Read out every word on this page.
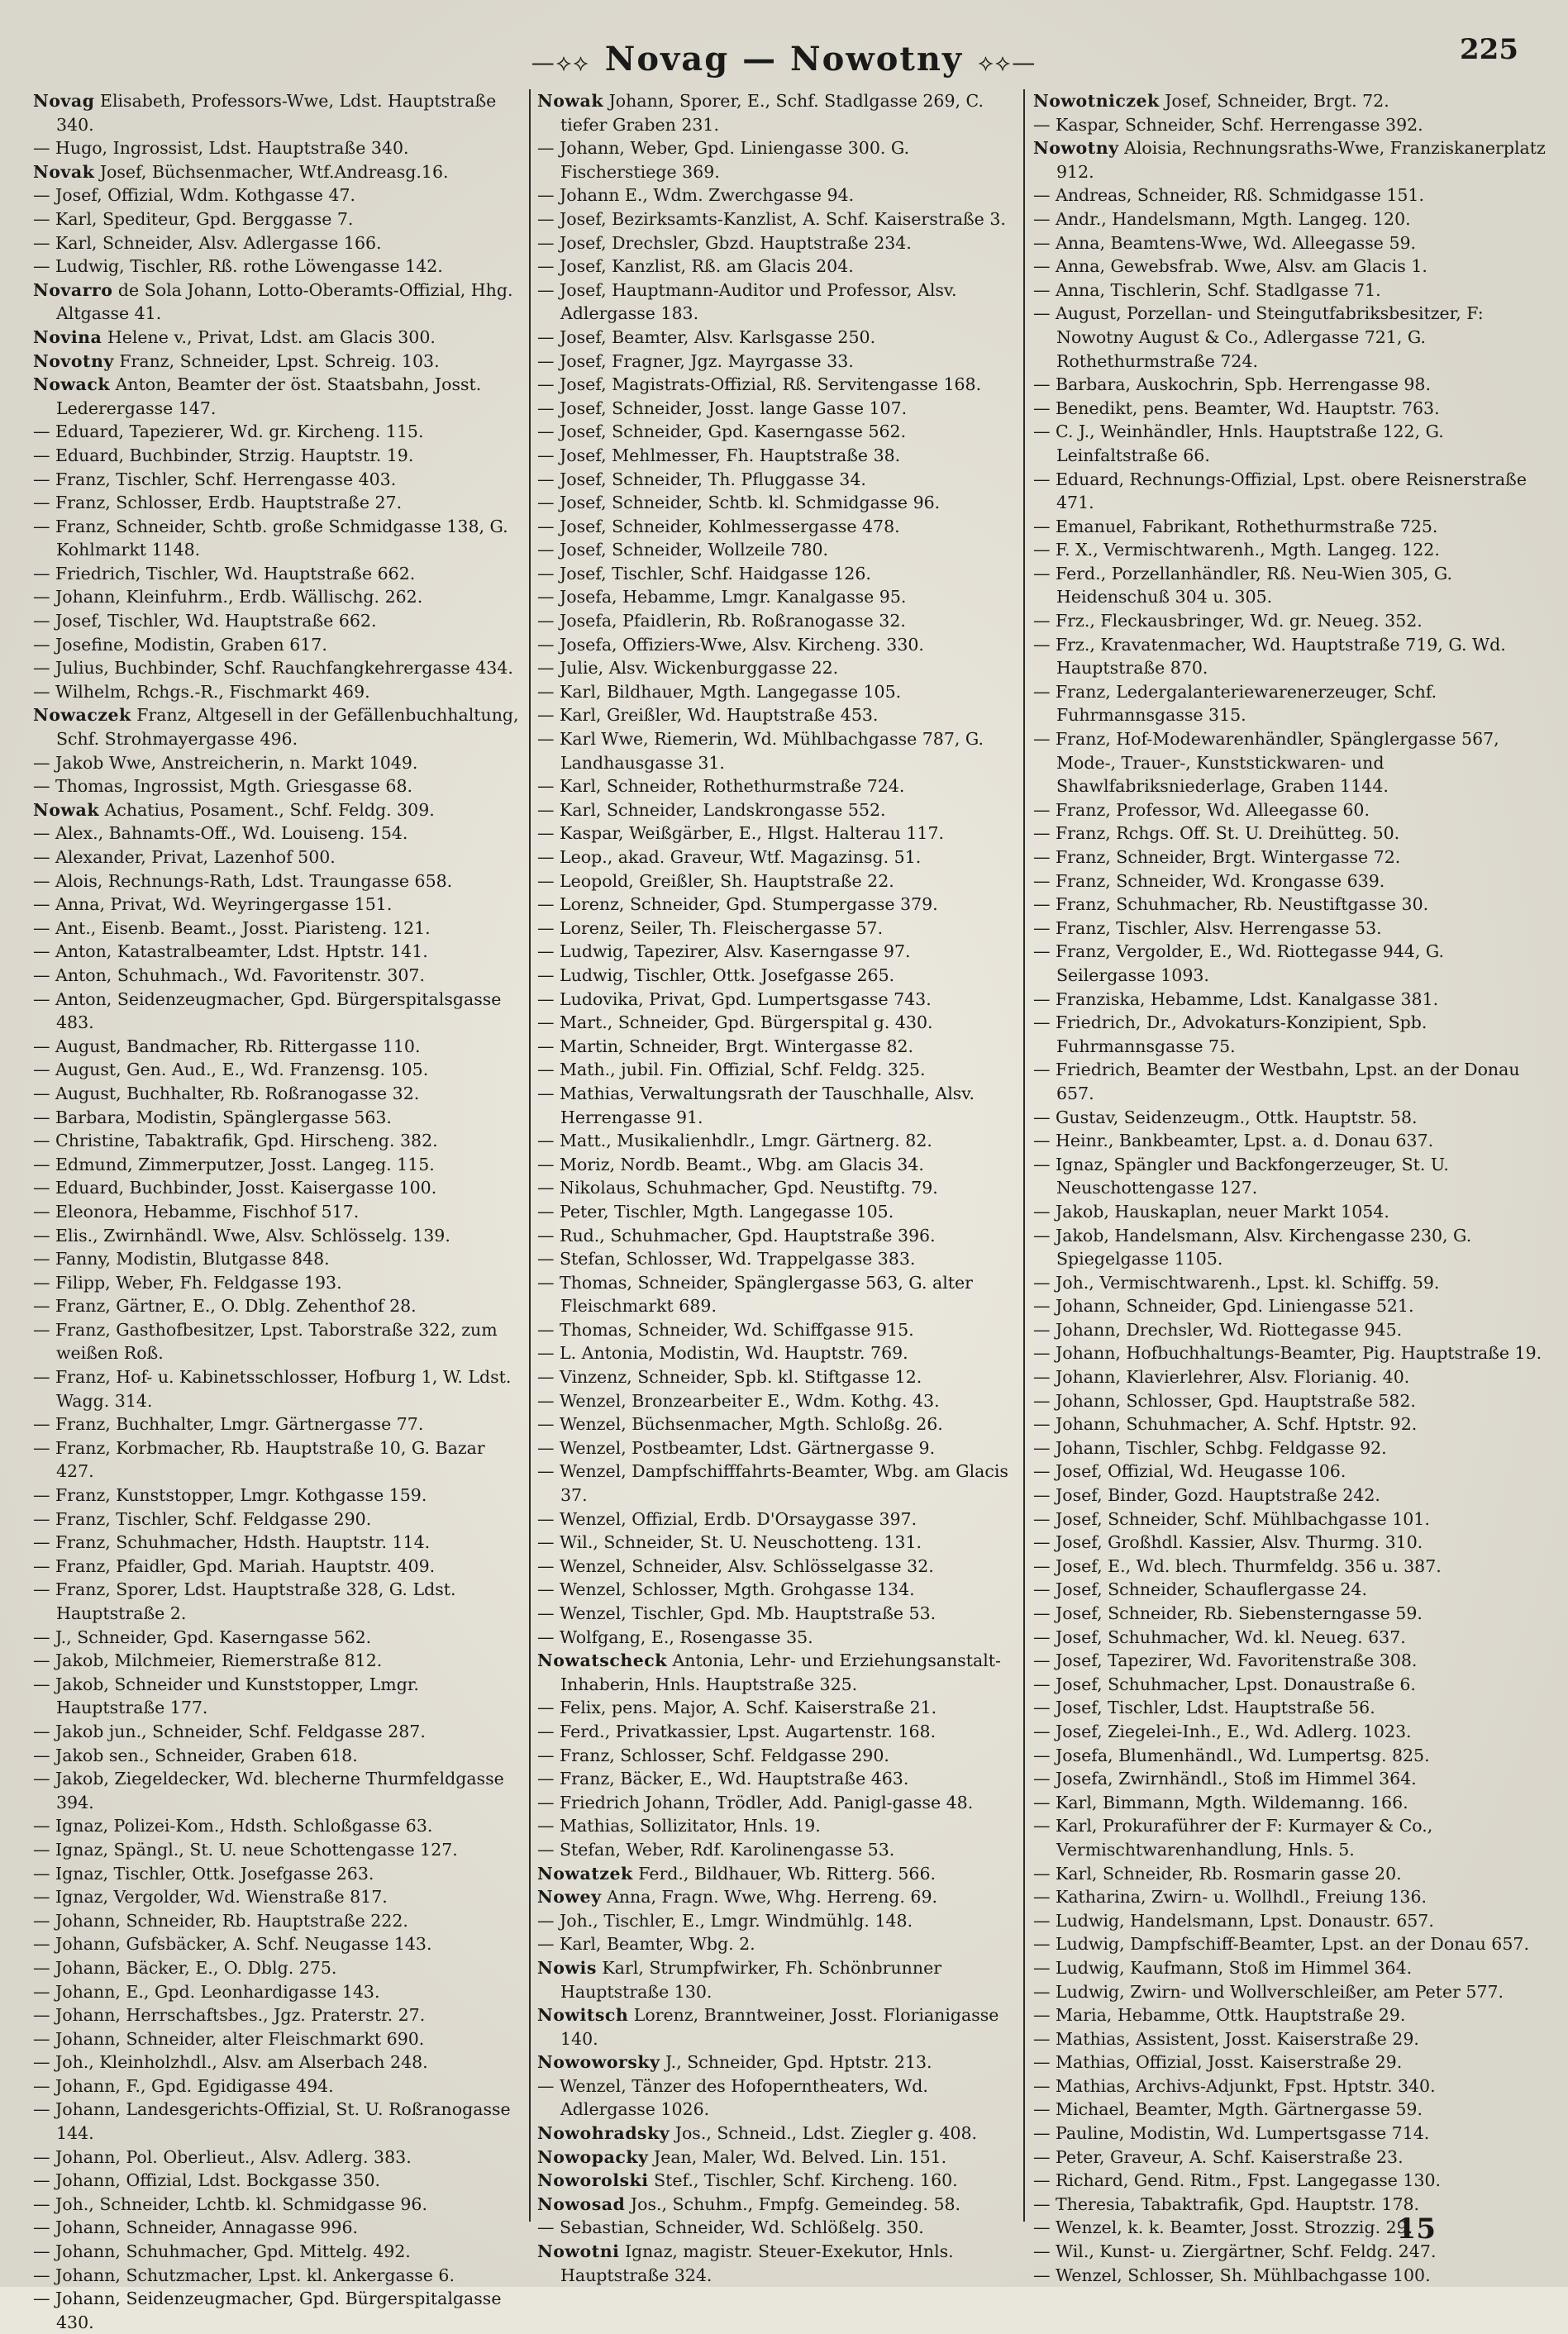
—⟡⟡ Novag — Nowotny ⟡⟡—	225

Novag Elisabeth, Professors-Wwe, Ldst. Hauptstraße 340.

— Hugo, Ingrossist, Ldst. Hauptstraße 340.

Novak Josef, Büchsenmacher, Wtf.Andreasg.16.

— Josef, Offizial, Wdm. Kothgasse 47.

— Karl, Spediteur, Gpd. Berggasse 7.

— Karl, Schneider, Alsv. Adlergasse 166.

— Ludwig, Tischler, Rß. rothe Löwengasse 142.

Novarro de Sola Johann, Lotto-Oberamts-Offizial, Hhg. Altgasse 41.

Novina Helene v., Privat, Ldst. am Glacis 300.

Novotny Franz, Schneider, Lpst. Schreig. 103.

Nowack Anton, Beamter der öst. Staatsbahn, Josst. Lederergasse 147.

— Eduard, Tapezierer, Wd. gr. Kircheng. 115.

— Eduard, Buchbinder, Strzig. Hauptstr. 19.

— Franz, Tischler, Schf. Herrengasse 403.

— Franz, Schlosser, Erdb. Hauptstraße 27.

— Franz, Schneider, Schtb. große Schmidgasse 138, G. Kohlmarkt 1148.

— Friedrich, Tischler, Wd. Hauptstraße 662.

— Johann, Kleinfuhrm., Erdb. Wällischg. 262.

— Josef, Tischler, Wd. Hauptstraße 662.

— Josefine, Modistin, Graben 617.

— Julius, Buchbinder, Schf. Rauchfangkehrergasse 434.

— Wilhelm, Rchgs.-R., Fischmarkt 469.

Nowaczek Franz, Altgesell in der Gefällenbuchhaltung, Schf. Strohmayergasse 496.

— Jakob Wwe, Anstreicherin, n. Markt 1049.

— Thomas, Ingrossist, Mgth. Griesgasse 68.

Nowak Achatius, Posament., Schf. Feldg. 309.

— Alex., Bahnamts-Off., Wd. Louiseng. 154.

— Alexander, Privat, Lazenhof 500.

— Alois, Rechnungs-Rath, Ldst. Traungasse 658.

— Anna, Privat, Wd. Weyringergasse 151.

— Ant., Eisenb. Beamt., Josst. Piaristeng. 121.

— Anton, Katastralbeamter, Ldst. Hptstr. 141.

— Anton, Schuhmach., Wd. Favoritenstr. 307.

— Anton, Seidenzeugmacher, Gpd. Bürgerspitalsgasse 483.

— August, Bandmacher, Rb. Rittergasse 110.

— August, Gen. Aud., E., Wd. Franzensg. 105.

— August, Buchhalter, Rb. Roßranogasse 32.

— Barbara, Modistin, Spänglergasse 563.

— Christine, Tabaktrafik, Gpd. Hirscheng. 382.

— Edmund, Zimmerputzer, Josst. Langeg. 115.

— Eduard, Buchbinder, Josst. Kaisergasse 100.

— Eleonora, Hebamme, Fischhof 517.

— Elis., Zwirnhändl. Wwe, Alsv. Schlösselg. 139.

— Fanny, Modistin, Blutgasse 848.

— Filipp, Weber, Fh. Feldgasse 193.

— Franz, Gärtner, E., O. Dblg. Zehenthof 28.

— Franz, Gasthofbesitzer, Lpst. Taborstraße 322, zum weißen Roß.

— Franz, Hof- u. Kabinetsschlosser, Hofburg 1, W. Ldst. Wagg. 314.

— Franz, Buchhalter, Lmgr. Gärtnergasse 77.

— Franz, Korbmacher, Rb. Hauptstraße 10, G. Bazar 427.

— Franz, Kunststopper, Lmgr. Kothgasse 159.

— Franz, Tischler, Schf. Feldgasse 290.

— Franz, Schuhmacher, Hdsth. Hauptstr. 114.

— Franz, Pfaidler, Gpd. Mariah. Hauptstr. 409.

— Franz, Sporer, Ldst. Hauptstraße 328, G. Ldst. Hauptstraße 2.

— J., Schneider, Gpd. Kaserngasse 562.

— Jakob, Milchmeier, Riemerstraße 812.

— Jakob, Schneider und Kunststopper, Lmgr. Hauptstraße 177.

— Jakob jun., Schneider, Schf. Feldgasse 287.

— Jakob sen., Schneider, Graben 618.

— Jakob, Ziegeldecker, Wd. blecherne Thurmfeldgasse 394.

— Ignaz, Polizei-Kom., Hdsth. Schloßgasse 63.

— Ignaz, Spängl., St. U. neue Schottengasse 127.

— Ignaz, Tischler, Ottk. Josefgasse 263.

— Ignaz, Vergolder, Wd. Wienstraße 817.

— Johann, Schneider, Rb. Hauptstraße 222.

— Johann, Gufsbäcker, A. Schf. Neugasse 143.

— Johann, Bäcker, E., O. Dblg. 275.

— Johann, E., Gpd. Leonhardigasse 143.

— Johann, Herrschaftsbes., Jgz. Praterstr. 27.

— Johann, Schneider, alter Fleischmarkt 690.

— Joh., Kleinholzhdl., Alsv. am Alserbach 248.

— Johann, F., Gpd. Egidigasse 494.

— Johann, Landesgerichts-Offizial, St. U. Roßranogasse 144.

— Johann, Pol. Oberlieut., Alsv. Adlerg. 383.

— Johann, Offizial, Ldst. Bockgasse 350.

— Joh., Schneider, Lchtb. kl. Schmidgasse 96.

— Johann, Schneider, Annagasse 996.

— Johann, Schuhmacher, Gpd. Mittelg. 492.

— Johann, Schutzmacher, Lpst. kl. Ankergasse 6.

— Johann, Seidenzeugmacher, Gpd. Bürgerspitalgasse 430.

Nowak Johann, Sporer, E., Schf. Stadlgasse 269, C. tiefer Graben 231.

— Johann, Weber, Gpd. Liniengasse 300. G. Fischerstiege 369.

— Johann E., Wdm. Zwerchgasse 94.

— Josef, Bezirksamts-Kanzlist, A. Schf. Kaiserstraße 3.

— Josef, Drechsler, Gbzd. Hauptstraße 234.

— Josef, Kanzlist, Rß. am Glacis 204.

— Josef, Hauptmann-Auditor und Professor, Alsv. Adlergasse 183.

— Josef, Beamter, Alsv. Karlsgasse 250.

— Josef, Fragner, Jgz. Mayrgasse 33.

— Josef, Magistrats-Offizial, Rß. Servitengasse 168.

— Josef, Schneider, Josst. lange Gasse 107.

— Josef, Schneider, Gpd. Kaserngasse 562.

— Josef, Mehlmesser, Fh. Hauptstraße 38.

— Josef, Schneider, Th. Pfluggasse 34.

— Josef, Schneider, Schtb. kl. Schmidgasse 96.

— Josef, Schneider, Kohlmessergasse 478.

— Josef, Schneider, Wollzeile 780.

— Josef, Tischler, Schf. Haidgasse 126.

— Josefa, Hebamme, Lmgr. Kanalgasse 95.

— Josefa, Pfaidlerin, Rb. Roßranogasse 32.

— Josefa, Offiziers-Wwe, Alsv. Kircheng. 330.

— Julie, Alsv. Wickenburggasse 22.

— Karl, Bildhauer, Mgth. Langegasse 105.

— Karl, Greißler, Wd. Hauptstraße 453.

— Karl Wwe, Riemerin, Wd. Mühlbachgasse 787, G. Landhausgasse 31.

— Karl, Schneider, Rothethurmstraße 724.

— Karl, Schneider, Landskrongasse 552.

— Kaspar, Weißgärber, E., Hlgst. Halterau 117.

— Leop., akad. Graveur, Wtf. Magazinsg. 51.

— Leopold, Greißler, Sh. Hauptstraße 22.

— Lorenz, Schneider, Gpd. Stumpergasse 379.

— Lorenz, Seiler, Th. Fleischergasse 57.

— Ludwig, Tapezirer, Alsv. Kaserngasse 97.

— Ludwig, Tischler, Ottk. Josefgasse 265.

— Ludovika, Privat, Gpd. Lumpertsgasse 743.

— Mart., Schneider, Gpd. Bürgerspital g. 430.

— Martin, Schneider, Brgt. Wintergasse 82.

— Math., jubil. Fin. Offizial, Schf. Feldg. 325.

— Mathias, Verwaltungsrath der Tauschhalle, Alsv. Herrengasse 91.

— Matt., Musikalienhdlr., Lmgr. Gärtnerg. 82.

— Moriz, Nordb. Beamt., Wbg. am Glacis 34.

— Nikolaus, Schuhmacher, Gpd. Neustiftg. 79.

— Peter, Tischler, Mgth. Langegasse 105.

— Rud., Schuhmacher, Gpd. Hauptstraße 396.

— Stefan, Schlosser, Wd. Trappelgasse 383.

— Thomas, Schneider, Spänglergasse 563, G. alter Fleischmarkt 689.

— Thomas, Schneider, Wd. Schiffgasse 915.

— L. Antonia, Modistin, Wd. Hauptstr. 769.

— Vinzenz, Schneider, Spb. kl. Stiftgasse 12.

— Wenzel, Bronzearbeiter E., Wdm. Kothg. 43.

— Wenzel, Büchsenmacher, Mgth. Schloßg. 26.

— Wenzel, Postbeamter, Ldst. Gärtnergasse 9.

— Wenzel, Dampfschifffahrts-Beamter, Wbg. am Glacis 37.

— Wenzel, Offizial, Erdb. D'Orsaygasse 397.

— Wil., Schneider, St. U. Neuschotteng. 131.

— Wenzel, Schneider, Alsv. Schlösselgasse 32.

— Wenzel, Schlosser, Mgth. Grohgasse 134.

— Wenzel, Tischler, Gpd. Mb. Hauptstraße 53.

— Wolfgang, E., Rosengasse 35.

Nowatscheck Antonia, Lehr- und Erziehungsanstalt-Inhaberin, Hnls. Hauptstraße 325.

— Felix, pens. Major, A. Schf. Kaiserstraße 21.

— Ferd., Privatkassier, Lpst. Augartenstr. 168.

— Franz, Schlosser, Schf. Feldgasse 290.

— Franz, Bäcker, E., Wd. Hauptstraße 463.

— Friedrich Johann, Trödler, Add. Panigl-gasse 48.

— Mathias, Sollizitator, Hnls. 19.

— Stefan, Weber, Rdf. Karolinengasse 53.

Nowatzek Ferd., Bildhauer, Wb. Ritterg. 566.

Nowey Anna, Fragn. Wwe, Whg. Herreng. 69.

— Joh., Tischler, E., Lmgr. Windmühlg. 148.

— Karl, Beamter, Wbg. 2.

Nowis Karl, Strumpfwirker, Fh. Schönbrunner Hauptstraße 130.

Nowitsch Lorenz, Branntweiner, Josst. Florianigasse 140.

Nowoworsky J., Schneider, Gpd. Hptstr. 213.

— Wenzel, Tänzer des Hofoperntheaters, Wd. Adlergasse 1026.

Nowohradsky Jos., Schneid., Ldst. Ziegler g. 408.

Nowopacky Jean, Maler, Wd. Belved. Lin. 151.

Noworolski Stef., Tischler, Schf. Kircheng. 160.

Nowosad Jos., Schuhm., Fmpfg. Gemeindeg. 58.

— Sebastian, Schneider, Wd. Schlößelg. 350.

Nowotni Ignaz, magistr. Steuer-Exekutor, Hnls. Hauptstraße 324.

Nowotniczek Josef, Schneider, Brgt. 72.

— Kaspar, Schneider, Schf. Herrengasse 392.

Nowotny Aloisia, Rechnungsraths-Wwe, Franziskanerplatz 912.

— Andreas, Schneider, Rß. Schmidgasse 151.

— Andr., Handelsmann, Mgth. Langeg. 120.

— Anna, Beamtens-Wwe, Wd. Alleegasse 59.

— Anna, Gewebsfrab. Wwe, Alsv. am Glacis 1.

— Anna, Tischlerin, Schf. Stadlgasse 71.

— August, Porzellan- und Steingutfabriksbesitzer, F: Nowotny August & Co., Adlergasse 721, G. Rothethurmstraße 724.

— Barbara, Auskochrin, Spb. Herrengasse 98.

— Benedikt, pens. Beamter, Wd. Hauptstr. 763.

— C. J., Weinhändler, Hnls. Hauptstraße 122, G. Leinfaltstraße 66.

— Eduard, Rechnungs-Offizial, Lpst. obere Reisnerstraße 471.

— Emanuel, Fabrikant, Rothethurmstraße 725.

— F. X., Vermischtwarenh., Mgth. Langeg. 122.

— Ferd., Porzellanhändler, Rß. Neu-Wien 305, G. Heidenschuß 304 u. 305.

— Frz., Fleckausbringer, Wd. gr. Neueg. 352.

— Frz., Kravatenmacher, Wd. Hauptstraße 719, G. Wd. Hauptstraße 870.

— Franz, Ledergalanteriewarenerzeuger, Schf. Fuhrmannsgasse 315.

— Franz, Hof-Modewarenhändler, Spänglergasse 567, Mode-, Trauer-, Kunststickwaren- und Shawlfabriksniederlage, Graben 1144.

— Franz, Professor, Wd. Alleegasse 60.

— Franz, Rchgs. Off. St. U. Dreihütteg. 50.

— Franz, Schneider, Brgt. Wintergasse 72.

— Franz, Schneider, Wd. Krongasse 639.

— Franz, Schuhmacher, Rb. Neustiftgasse 30.

— Franz, Tischler, Alsv. Herrengasse 53.

— Franz, Vergolder, E., Wd. Riottegasse 944, G. Seilergasse 1093.

— Franziska, Hebamme, Ldst. Kanalgasse 381.

— Friedrich, Dr., Advokaturs-Konzipient, Spb. Fuhrmannsgasse 75.

— Friedrich, Beamter der Westbahn, Lpst. an der Donau 657.

— Gustav, Seidenzeugm., Ottk. Hauptstr. 58.

— Heinr., Bankbeamter, Lpst. a. d. Donau 637.

— Ignaz, Spängler und Backfongerzeuger, St. U. Neuschottengasse 127.

— Jakob, Hauskaplan, neuer Markt 1054.

— Jakob, Handelsmann, Alsv. Kirchengasse 230, G. Spiegelgasse 1105.

— Joh., Vermischtwarenh., Lpst. kl. Schiffg. 59.

— Johann, Schneider, Gpd. Liniengasse 521.

— Johann, Drechsler, Wd. Riottegasse 945.

— Johann, Hofbuchhaltungs-Beamter, Pig. Hauptstraße 19.

— Johann, Klavierlehrer, Alsv. Florianig. 40.

— Johann, Schlosser, Gpd. Hauptstraße 582.

— Johann, Schuhmacher, A. Schf. Hptstr. 92.

— Johann, Tischler, Schbg. Feldgasse 92.

— Josef, Offizial, Wd. Heugasse 106.

— Josef, Binder, Gozd. Hauptstraße 242.

— Josef, Schneider, Schf. Mühlbachgasse 101.

— Josef, Großhdl. Kassier, Alsv. Thurmg. 310.

— Josef, E., Wd. blech. Thurmfeldg. 356 u. 387.

— Josef, Schneider, Schauflergasse 24.

— Josef, Schneider, Rb. Siebensterngasse 59.

— Josef, Schuhmacher, Wd. kl. Neueg. 637.

— Josef, Tapezirer, Wd. Favoritenstraße 308.

— Josef, Schuhmacher, Lpst. Donaustraße 6.

— Josef, Tischler, Ldst. Hauptstraße 56.

— Josef, Ziegelei-Inh., E., Wd. Adlerg. 1023.

— Josefa, Blumenhändl., Wd. Lumpertsg. 825.

— Josefa, Zwirnhändl., Stoß im Himmel 364.

— Karl, Bimmann, Mgth. Wildemanng. 166.

— Karl, Prokuraführer der F: Kurmayer & Co., Vermischtwarenhandlung, Hnls. 5.

— Karl, Schneider, Rb. Rosmarin gasse 20.

— Katharina, Zwirn- u. Wollhdl., Freiung 136.

— Ludwig, Handelsmann, Lpst. Donaustr. 657.

— Ludwig, Dampfschiff-Beamter, Lpst. an der Donau 657.

— Ludwig, Kaufmann, Stoß im Himmel 364.

— Ludwig, Zwirn- und Wollverschleißer, am Peter 577.

— Maria, Hebamme, Ottk. Hauptstraße 29.

— Mathias, Assistent, Josst. Kaiserstraße 29.

— Mathias, Offizial, Josst. Kaiserstraße 29.

— Mathias, Archivs-Adjunkt, Fpst. Hptstr. 340.

— Michael, Beamter, Mgth. Gärtnergasse 59.

— Pauline, Modistin, Wd. Lumpertsgasse 714.

— Peter, Graveur, A. Schf. Kaiserstraße 23.

— Richard, Gend. Ritm., Fpst. Langegasse 130.

— Theresia, Tabaktrafik, Gpd. Hauptstr. 178.

— Wenzel, k. k. Beamter, Josst. Strozzig. 29.

— Wil., Kunst- u. Ziergärtner, Schf. Feldg. 247.

— Wenzel, Schlosser, Sh. Mühlbachgasse 100.

15
